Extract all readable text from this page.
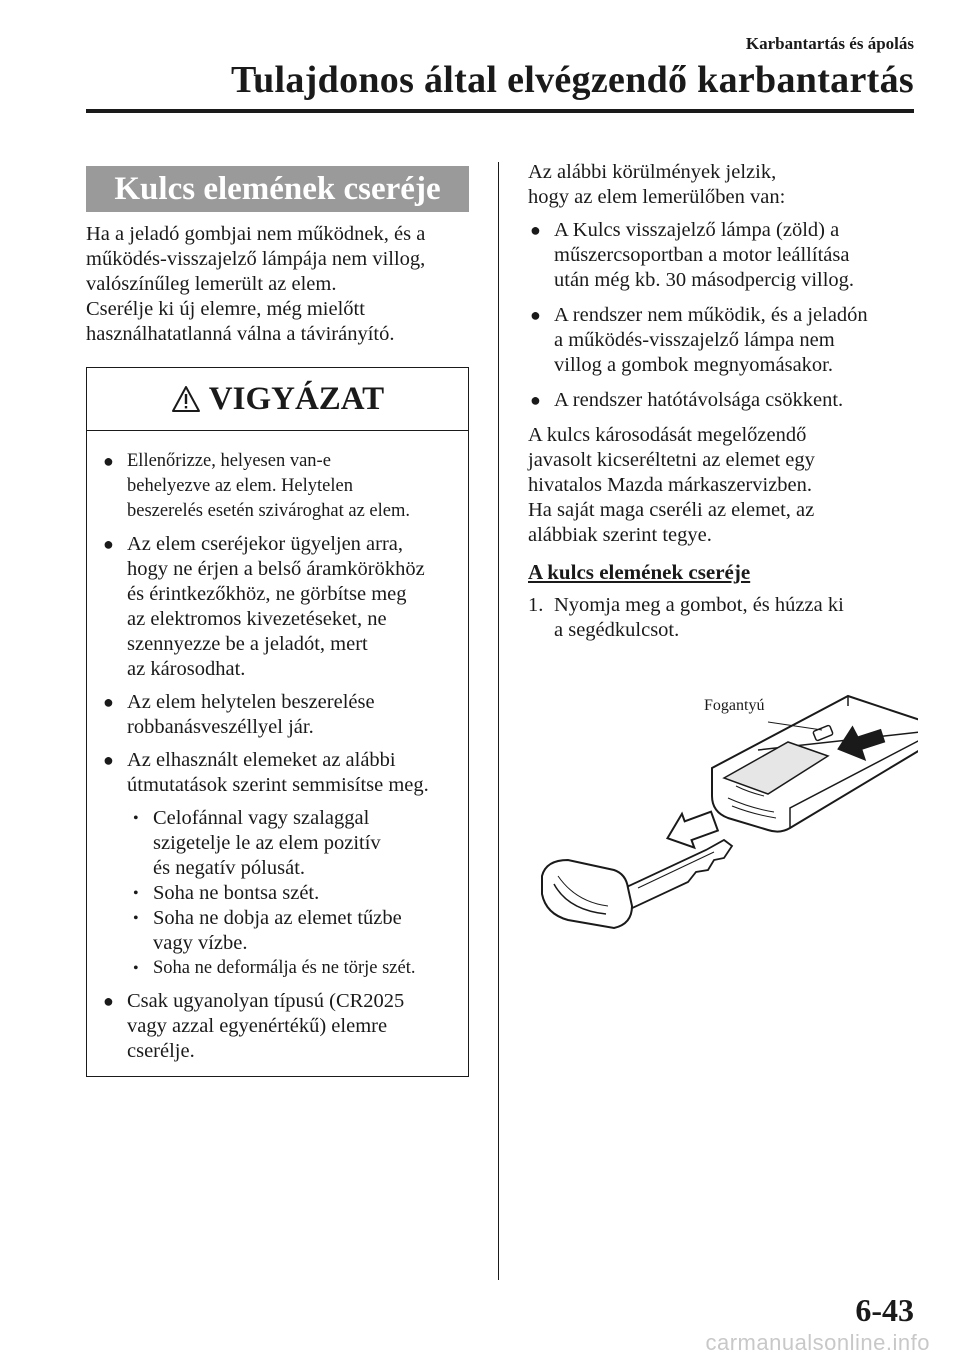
Karbantartás és ápolás
Tulajdonos által elvégzendő karbantartás
Kulcs elemének cseréje
Ha a jeladó gombjai nem működnek, és a
működés-visszajelző lámpája nem villog,
valószínűleg lemerült az elem.
Cserélje ki új elemre, még mielőtt
használhatatlanná válna a távirányító.
VIGYÁZAT
● Ellenőrizze, helyesen van-e
behelyezve az elem. Helytelen
beszerelés esetén szivároghat az elem.
● Az elem cseréjekor ügyeljen arra,
hogy ne érjen a belső áramkörökhöz
és érintkezőkhöz, ne görbítse meg
az elektromos kivezetéseket, ne
szennyezze be a jeladót, mert
az károsodhat.
● Az elem helytelen beszerelése
robbanásveszéllyel jár.
● Az elhasznált elemeket az alábbi
útmutatások szerint semmisítse meg.
• Celofánnal vagy szalaggal
szigetelje le az elem pozitív
és negatív pólusát.
• Soha ne bontsa szét.
• Soha ne dobja az elemet tűzbe
vagy vízbe.
• Soha ne deformálja és ne törje szét.
● Csak ugyanolyan típusú (CR2025
vagy azzal egyenértékű) elemre
cserélje.
Az alábbi körülmények jelzik,
hogy az elem lemerülőben van:
● A Kulcs visszajelző lámpa (zöld) a
műszercsoportban a motor leállítása
után még kb. 30 másodpercig villog.
● A rendszer nem működik, és a jeladón
a működés-visszajelző lámpa nem
villog a gombok megnyomásakor.
● A rendszer hatótávolsága csökkent.
A kulcs károsodását megelőzendő
javasolt kicseréltetni az elemet egy
hivatalos Mazda márkaszervizben.
Ha saját maga cseréli az elemet, az
alábbiak szerint tegye.
A kulcs elemének cseréje
1. Nyomja meg a gombot, és húzza ki
a segédkulcsot.
Fogantyú
6-43
carmanualsonline.info
